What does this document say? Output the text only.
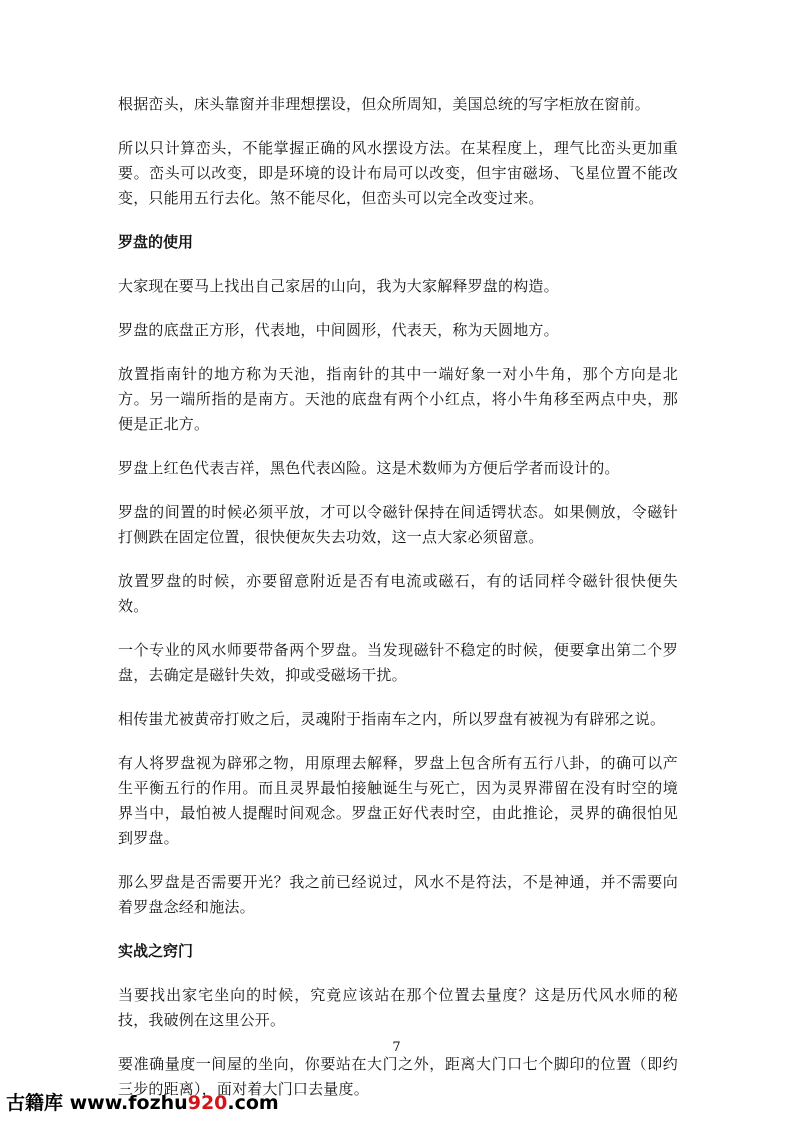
根据峦头，床头靠窗并非理想摆设，但众所周知，美国总统的写字柜放在窗前。

所以只计算峦头，不能掌握正确的风水摆设方法。在某程度上，理气比峦头更加重要。峦头可以改变，即是环境的设计布局可以改变，但宇宙磁场、飞星位置不能改变，只能用五行去化。煞不能尽化，但峦头可以完全改变过来。

罗盘的使用

大家现在要马上找出自己家居的山向，我为大家解释罗盘的构造。

罗盘的底盘正方形，代表地，中间圆形，代表天，称为天圆地方。

放置指南针的地方称为天池，指南针的其中一端好象一对小牛角，那个方向是北方。另一端所指的是南方。天池的底盘有两个小红点，将小牛角移至两点中央，那便是正北方。

罗盘上红色代表吉祥，黑色代表凶险。这是术数师为方便后学者而设计的。

罗盘的间置的时候必须平放，才可以令磁针保持在间适锷状态。如果侧放，令磁针打侧跌在固定位置，很快便灰失去功效，这一点大家必须留意。

放置罗盘的时候，亦要留意附近是否有电流或磁石，有的话同样令磁针很快便失效。

一个专业的风水师要带备两个罗盘。当发现磁针不稳定的时候，便要拿出第二个罗盘，去确定是磁针失效，抑或受磁场干扰。

相传蚩尤被黄帝打败之后，灵魂附于指南车之内，所以罗盘有被视为有辟邪之说。

有人将罗盘视为辟邪之物，用原理去解释，罗盘上包含所有五行八卦，的确可以产生平衡五行的作用。而且灵界最怕接触诞生与死亡，因为灵界滞留在没有时空的境界当中，最怕被人提醒时间观念。罗盘正好代表时空，由此推论，灵界的确很怕见到罗盘。

那么罗盘是否需要开光？我之前已经说过，风水不是符法，不是神通，并不需要向着罗盘念经和施法。

实战之窍门

当要找出家宅坐向的时候，究竟应该站在那个位置去量度？这是历代风水师的秘技，我破例在这里公开。

要准确量度一间屋的坐向，你要站在大门之外，距离大门口七个脚印的位置（即约三步的距离），面对着大门口去量度。

7
古籍库 www.fozhu920.com
